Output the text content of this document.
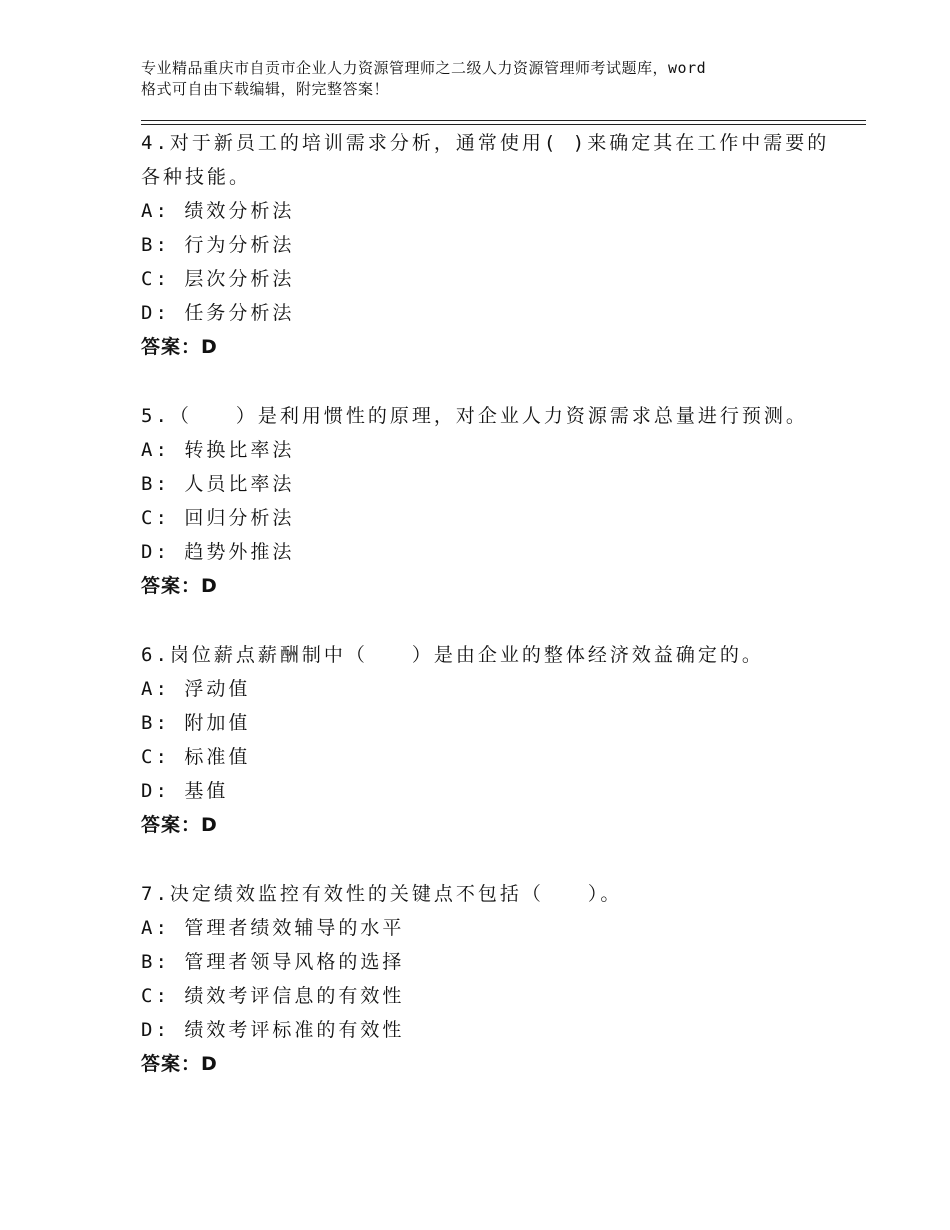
专业精品重庆市自贡市企业人力资源管理师之二级人力资源管理师考试题库，word
格式可自由下载编辑，附完整答案！
4.对于新员工的培训需求分析，通常使用( )来确定其在工作中需要的
各种技能。
A: 绩效分析法
B: 行为分析法
C: 层次分析法
D: 任务分析法
答案：D
5.（　　）是利用惯性的原理，对企业人力资源需求总量进行预测。
A: 转换比率法
B: 人员比率法
C: 回归分析法
D: 趋势外推法
答案：D
6.岗位薪点薪酬制中（　　）是由企业的整体经济效益确定的。
A: 浮动值
B: 附加值
C: 标准值
D: 基值
答案：D
7.决定绩效监控有效性的关键点不包括（　　）。
A: 管理者绩效辅导的水平
B: 管理者领导风格的选择
C: 绩效考评信息的有效性
D: 绩效考评标准的有效性
答案：D
